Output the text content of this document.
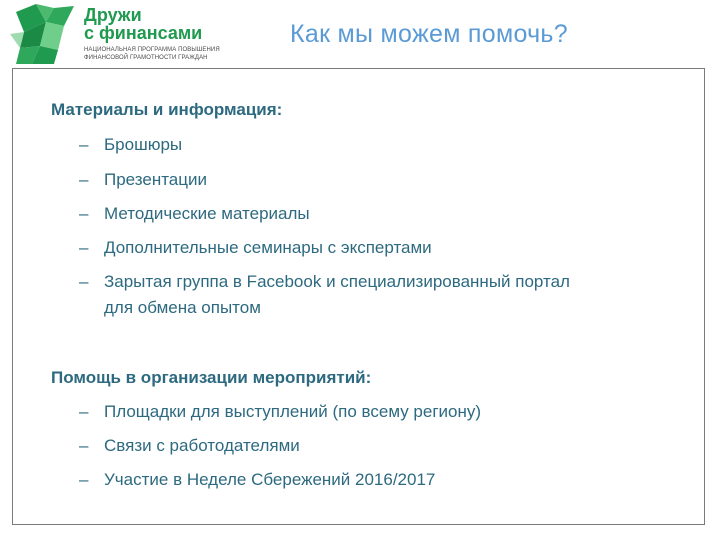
Дружи
с финансами
НАЦИОНАЛЬНАЯ ПРОГРАММА ПОВЫШЕНИЯ
ФИНАНСОВОЙ ГРАМОТНОСТИ ГРАЖДАН
Как мы можем помочь?
Материалы и информация:
– Брошюры
– Презентации
– Методические материалы
– Дополнительные семинары с экспертами
– Зарытая группа в Facebook и специализированный портал
для обмена опытом
Помощь в организации мероприятий:
– Площадки для выступлений (по всему региону)
– Связи с работодателями
– Участие в Неделе Сбережений 2016/2017
